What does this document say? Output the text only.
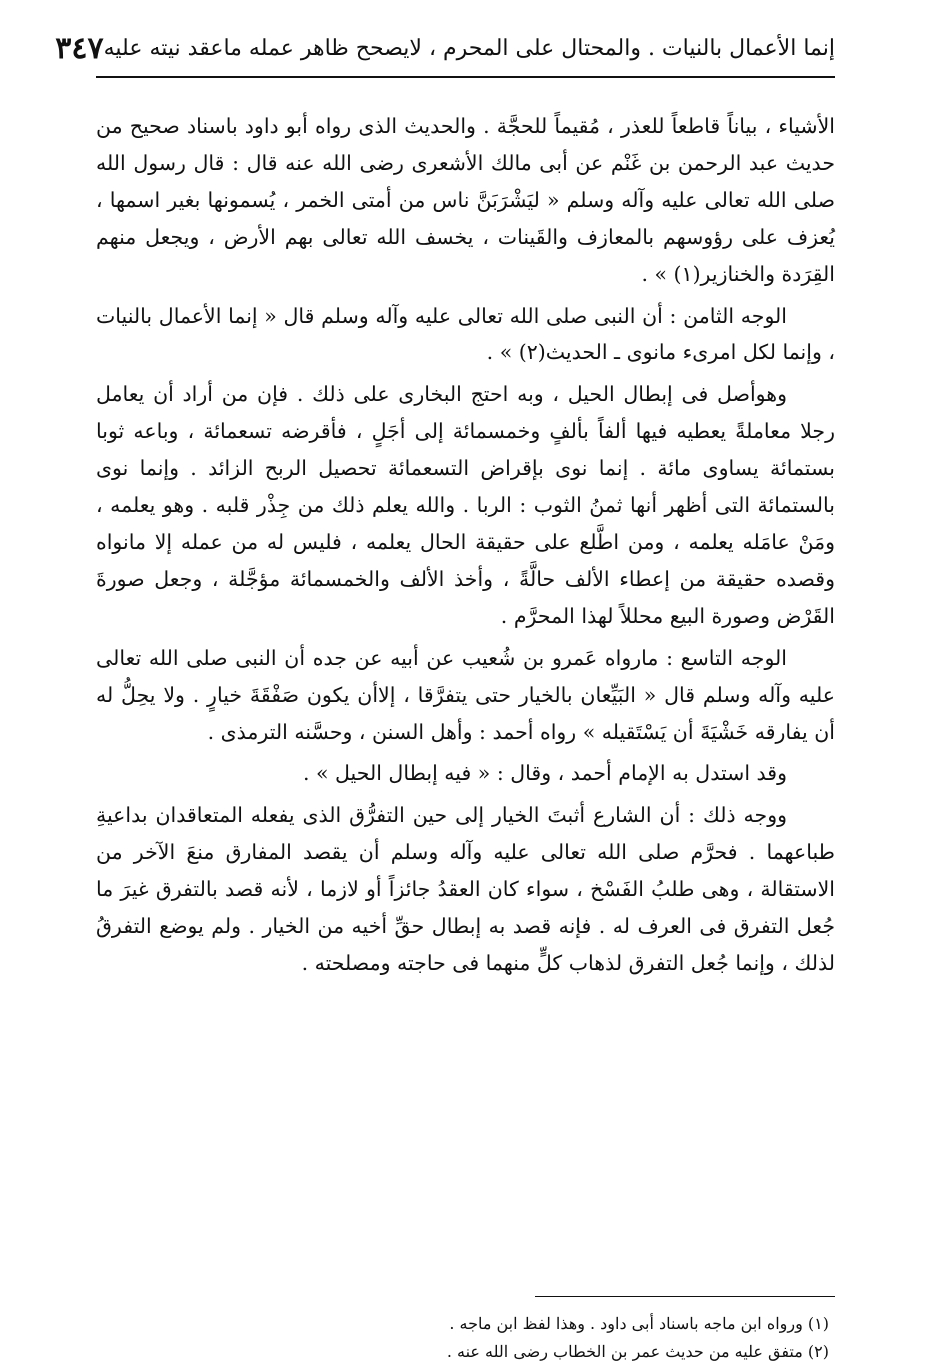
إنما الأعمال بالنيات . والمحتال على المحرم ، لايصحح ظاهر عمله ماعقد نيته عليه
٣٤٧

الأشياء ، بياناً قاطعاً للعذر ، مُقيماً للحجَّة . والحديث الذى رواه أبو داود باسناد صحيح من حديث عبد الرحمن بن غَنْم عن أبى مالك الأشعرى رضى الله عنه قال : قال رسول الله صلى الله تعالى عليه وآله وسلم « ليَشْرَبَنَّ ناس من أمتى الخمر ، يُسمونها بغير اسمها ، يُعزف على رؤوسهم بالمعازف والقَينات ، يخسف الله تعالى بهم الأرض ، ويجعل منهم القِرَدة والخنازير(١) » .

الوجه الثامن : أن النبى صلى الله تعالى عليه وآله وسلم قال « إنما الأعمال بالنيات ، وإنما لكل امرىء مانوى ـ الحديث(٢) » .

وهوأصل فى إبطال الحيل ، وبه احتج البخارى على ذلك . فإن من أراد أن يعامل رجلا معاملةً يعطيه فيها ألفاً بألفٍ وخمسمائة إلى أجَلٍ ، فأقرضه تسعمائة ، وباعه ثوبا بستمائة يساوى مائة . إنما نوى بإقراض التسعمائة تحصيل الربح الزائد . وإنما نوى بالستمائة التى أظهر أنها ثمنُ الثوب : الربا . والله يعلم ذلك من جِذْر قلبه . وهو يعلمه ، ومَنْ عامَله يعلمه ، ومن اطَّلع على حقيقة الحال يعلمه ، فليس له من عمله إلا مانواه وقصده حقيقة من إعطاء الألف حالَّةً ، وأخذ الألف والخمسمائة مؤجَّلة ، وجعل صورةَ القَرْض وصورة البيع محللاً لهذا المحرَّم .

الوجه التاسع : مارواه عَمرو بن شُعيب عن أبيه عن جده أن النبى صلى الله تعالى عليه وآله وسلم قال « البَيِّعان بالخيار حتى يتفرَّقا ، إلاأن يكون صَفْقَةَ خيارٍ . ولا يحِلُّ له أن يفارقه خَشْيَةَ أن يَسْتَقيله » رواه أحمد : وأهل السنن ، وحسَّنه الترمذى .

وقد استدل به الإمام أحمد ، وقال : « فيه إبطال الحيل » .

ووجه ذلك : أن الشارع أثبتَ الخيار إلى حين التفرُّق الذى يفعله المتعاقدان بداعيةِ طباعهما . فحرَّم صلى الله تعالى عليه وآله وسلم أن يقصد المفارق منعَ الآخر من الاستقالة ، وهى طلبُ الفَسْخ ، سواء كان العقدُ جائزاً أو لازما ، لأنه قصد بالتفرق غيرَ ما جُعل التفرق فى العرف له . فإنه قصد به إبطال حقِّ أخيه من الخيار . ولم يوضع التفرقُ لذلك ، وإنما جُعل التفرق لذهاب كلٍّ منهما فى حاجته ومصلحته .

(١) ورواه ابن ماجه باسناد أبى داود . وهذا لفظ ابن ماجه .
(٢) متفق عليه من حديث عمر بن الخطاب رضى الله عنه .
